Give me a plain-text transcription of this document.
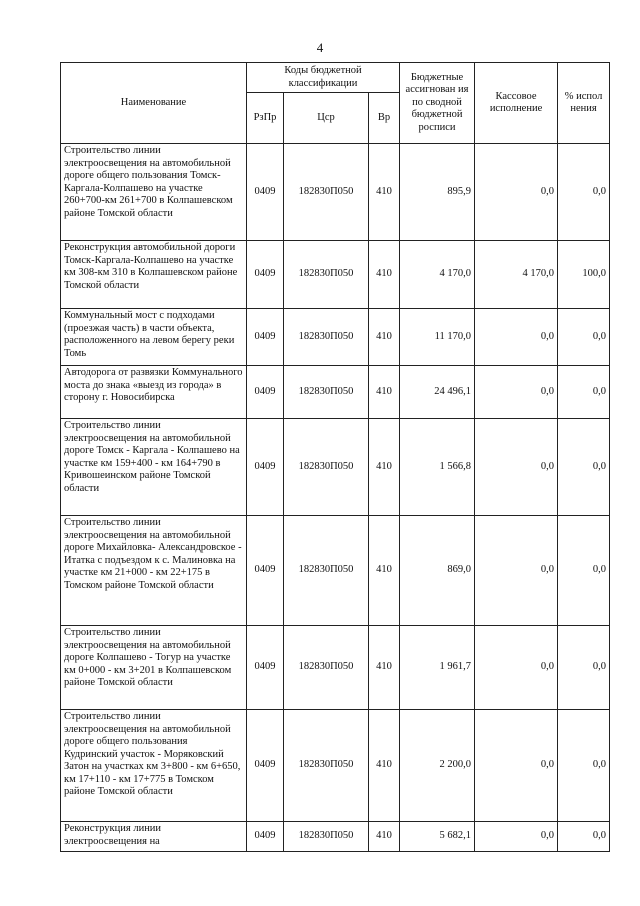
4
Наименование	Коды бюджетной классификации			Бюджетные ассигнован ия по сводной бюджетной росписи	Кассовое исполнение	% испол нения
	РзПр	Цср	Вр			
Строительство линии электроосвещения на автомобильной дороге общего пользования Томск-Каргала-Колпашево на участке 260+700-км 261+700 в Колпашевском районе Томской области	0409	182830П050	410	895,9	0,0	0,0
Реконструкция автомобильной дороги Томск-Каргала-Колпашево на участке км 308-км 310 в Колпашевском районе Томской области	0409	182830П050	410	4 170,0	4 170,0	100,0
Коммунальный мост с подходами (проезжая часть) в части объекта, расположенного на левом берегу реки Томь	0409	182830П050	410	11 170,0	0,0	0,0
Автодорога от развязки Коммунального моста до знака «выезд из города» в сторону г. Новосибирска	0409	182830П050	410	24 496,1	0,0	0,0
Строительство линии электроосвещения на автомобильной дороге Томск - Каргала - Колпашево на участке км 159+400 - км 164+790 в Кривошеинском районе Томской области	0409	182830П050	410	1 566,8	0,0	0,0
Строительство линии электроосвещения на автомобильной дороге Михайловка- Александровское - Итатка с подъездом к с. Малиновка на участке км 21+000 - км 22+175 в Томском районе Томской области	0409	182830П050	410	869,0	0,0	0,0
Строительство линии электроосвещения на автомобильной дороге Колпашево - Тогур на участке км 0+000 - км 3+201 в Колпашевском районе Томской области	0409	182830П050	410	1 961,7	0,0	0,0
Строительство линии электроосвещения на автомобильной дороге общего пользования Кудринский участок - Моряковский Затон на участках км 3+800 - км 6+650, км 17+110 - км 17+775 в Томском районе Томской области	0409	182830П050	410	2 200,0	0,0	0,0
Реконструкция линии электроосвещения на	0409	182830П050	410	5 682,1	0,0	0,0
